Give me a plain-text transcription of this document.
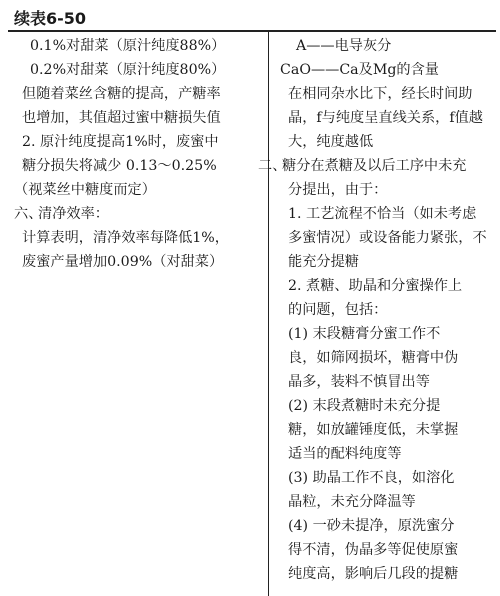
续表6-50
0.1%对甜菜（原汁纯度88%）
0.2%对甜菜（原汁纯度80%）
但随着菜丝含糖的提高，产糖率
也增加，其值超过蜜中糖损失值
2. 原汁纯度提高1%时，废蜜中
糖分损失将减少 0.13～0.25%
（视菜丝中糖度而定）
六、清净效率：
计算表明，清净效率每降低1%，
废蜜产量增加0.09%（对甜菜）
A——电导灰分
CaO——Ca及Mg的含量
在相同杂水比下，经长时间助
晶，f与纯度呈直线关系，f值越
大，纯度越低
二、糖分在煮糖及以后工序中未充
分提出，由于：
1. 工艺流程不恰当（如未考虑
多蜜情况）或设备能力紧张，不
能充分提糖
2. 煮糖、助晶和分蜜操作上
的问题，包括：
(1) 末段糖膏分蜜工作不
良，如筛网损坏，糖膏中伪
晶多，装料不慎冒出等
(2) 末段煮糖时未充分提
糖，如放罐锤度低，未掌握
适当的配料纯度等
(3) 助晶工作不良，如溶化
晶粒，未充分降温等
(4) 一砂未提净，原洗蜜分
得不清，伪晶多等促使原蜜
纯度高，影响后几段的提糖
